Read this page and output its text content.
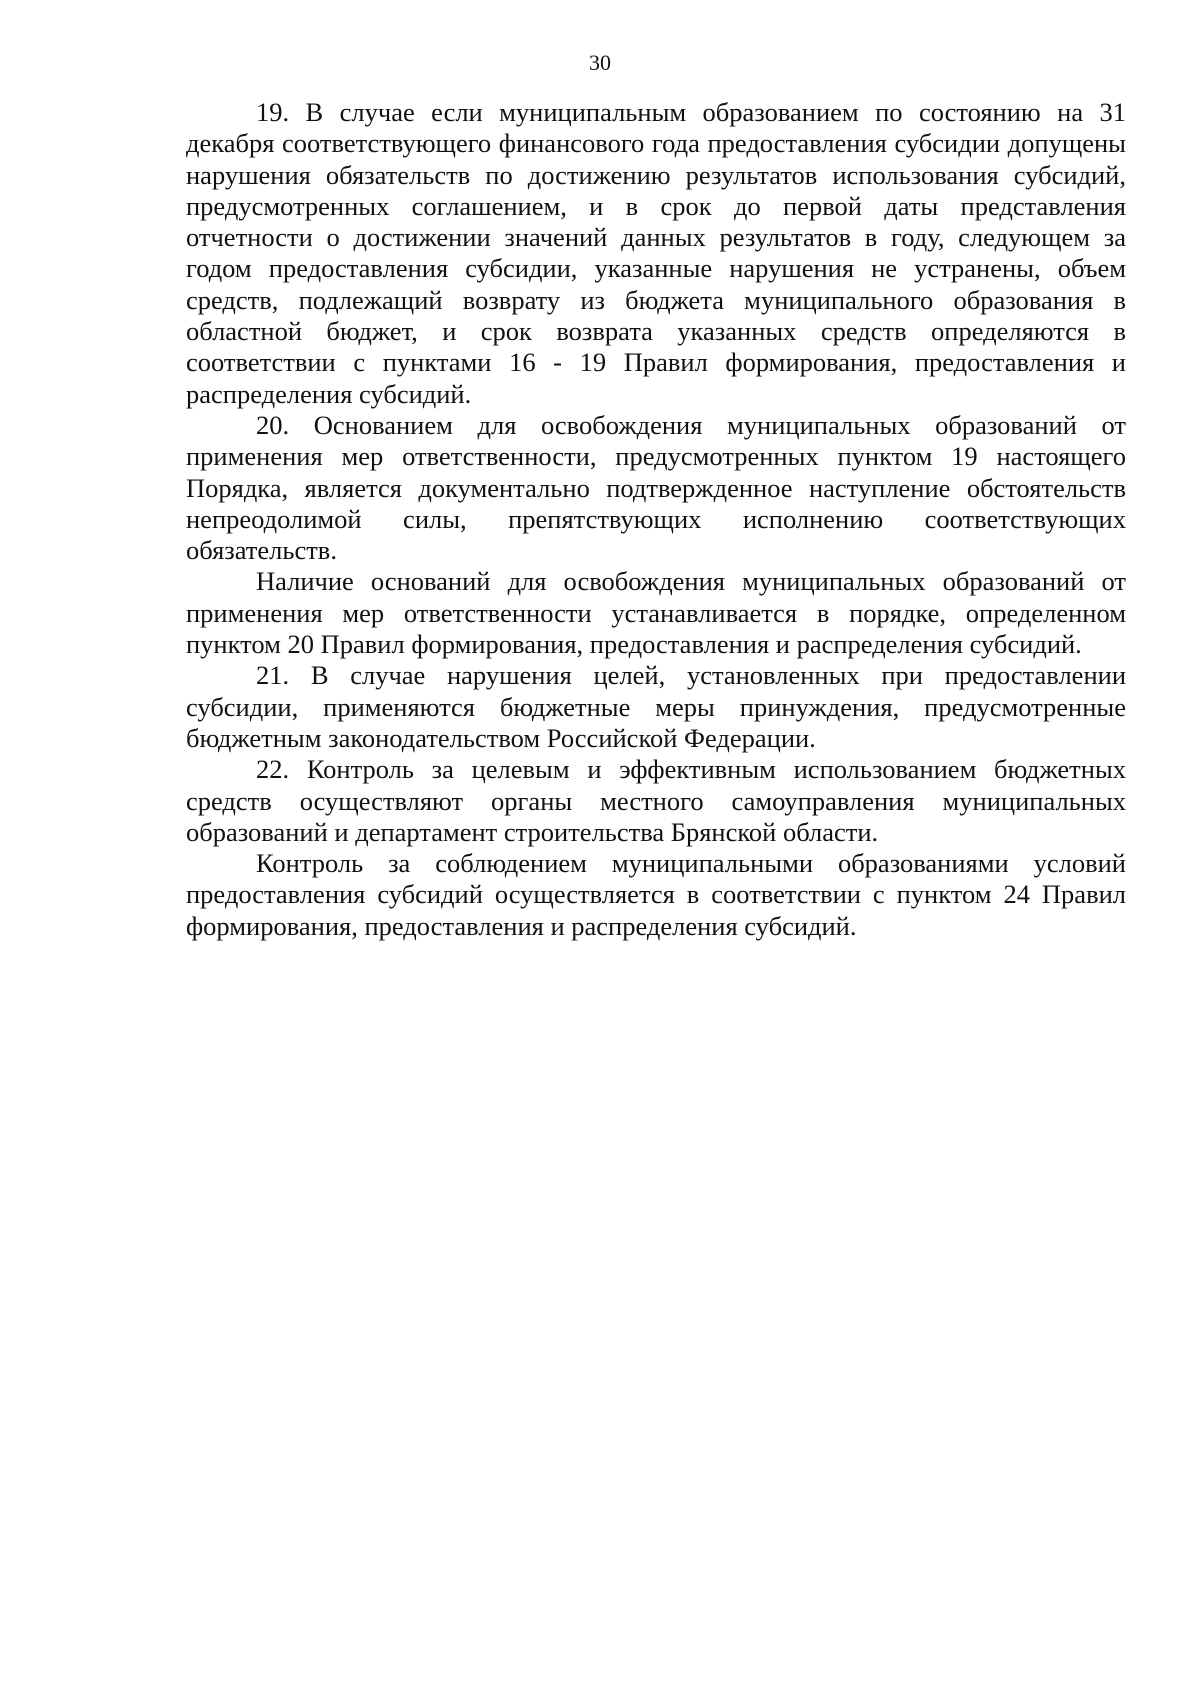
30

19. В случае если муниципальным образованием по состоянию на 31 декабря соответствующего финансового года предоставления субсидии допущены нарушения обязательств по достижению результатов использования субсидий, предусмотренных соглашением, и в срок до первой даты представления отчетности о достижении значений данных результатов в году, следующем за годом предоставления субсидии, указанные нарушения не устранены, объем средств, подлежащий возврату из бюджета муниципального образования в областной бюджет, и срок возврата указанных средств определяются в соответствии с пунктами 16 - 19 Правил формирования, предоставления и распределения субсидий.

20. Основанием для освобождения муниципальных образований от применения мер ответственности, предусмотренных пунктом 19 настоящего Порядка, является документально подтвержденное наступление обстоятельств непреодолимой силы, препятствующих исполнению соответствующих обязательств.

Наличие оснований для освобождения муниципальных образований от применения мер ответственности устанавливается в порядке, определенном пунктом 20 Правил формирования, предоставления и распределения субсидий.

21. В случае нарушения целей, установленных при предоставлении субсидии, применяются бюджетные меры принуждения, предусмотренные бюджетным законодательством Российской Федерации.

22. Контроль за целевым и эффективным использованием бюджетных средств осуществляют органы местного самоуправления муниципальных образований и департамент строительства Брянской области.

Контроль за соблюдением муниципальными образованиями условий предоставления субсидий осуществляется в соответствии с пунктом 24 Правил формирования, предоставления и распределения субсидий.
